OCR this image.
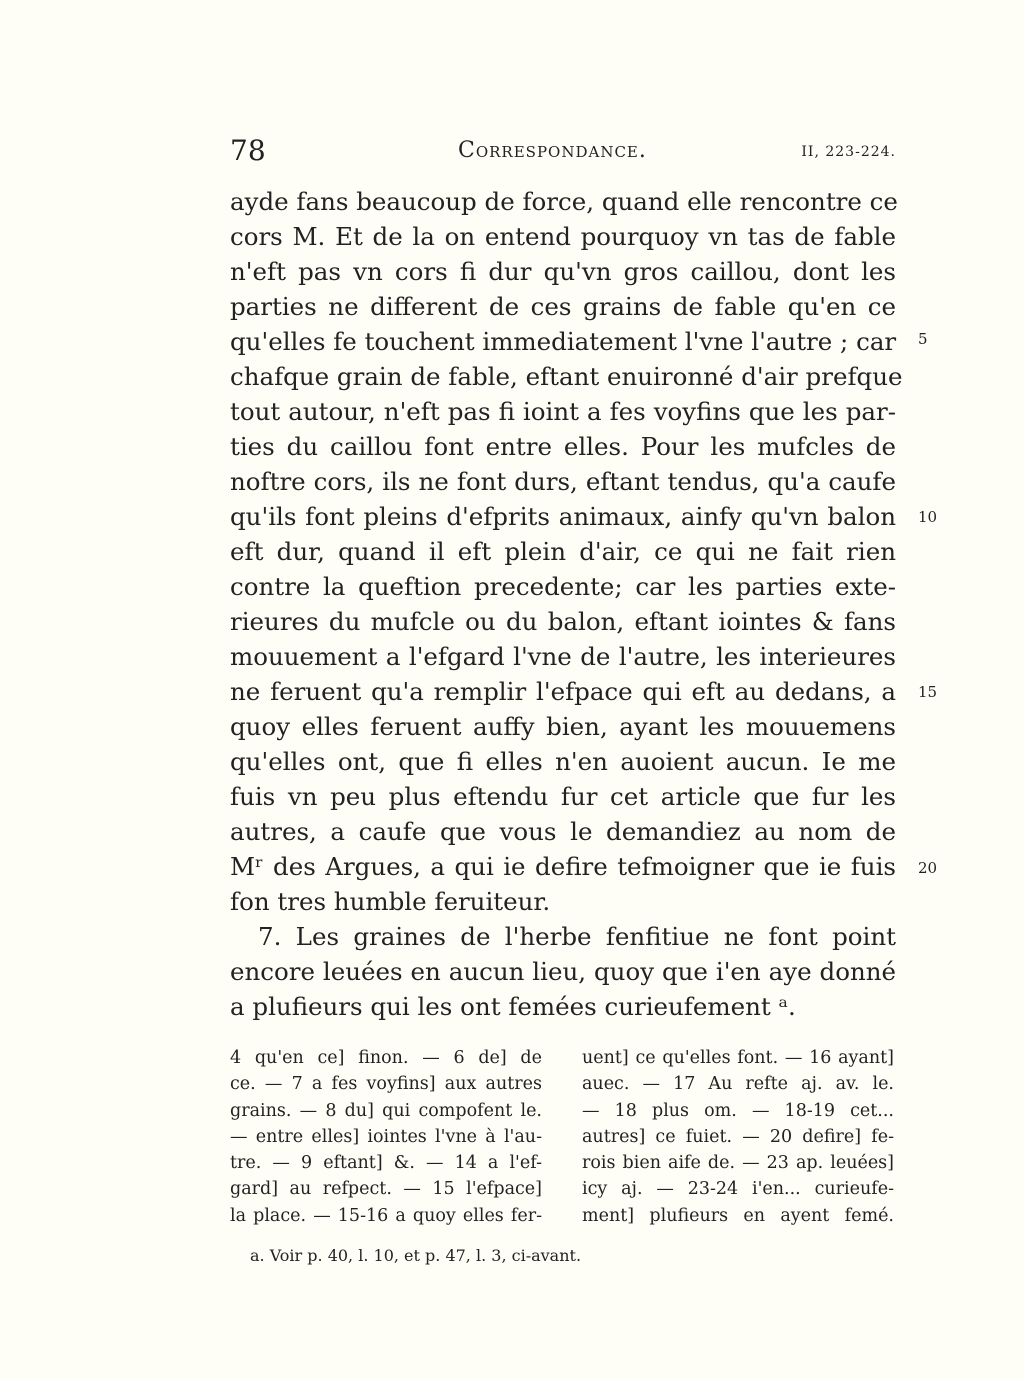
78	Correspondance.	II, 223-224.
ayde fans beaucoup de force, quand elle rencontre ce
cors M. Et de la on entend pourquoy vn tas de fable
n'eft pas vn cors fi dur qu'vn gros caillou, dont les
parties ne different de ces grains de fable qu'en ce
qu'elles fe touchent immediatement l'vne l'autre ; car
chafque grain de fable, eftant enuironné d'air prefque
tout autour, n'eft pas fi ioint a fes voyfins que les par-
ties du caillou font entre elles. Pour les mufcles de
noftre cors, ils ne font durs, eftant tendus, qu'a caufe
qu'ils font pleins d'efprits animaux, ainfy qu'vn balon
eft dur, quand il eft plein d'air, ce qui ne fait rien
contre la queftion precedente; car les parties exte-
rieures du mufcle ou du balon, eftant iointes & fans
mouuement a l'efgard l'vne de l'autre, les interieures
ne feruent qu'a remplir l'efpace qui eft au dedans, a
quoy elles feruent auffy bien, ayant les mouuemens
qu'elles ont, que fi elles n'en auoient aucun. Ie me
fuis vn peu plus eftendu fur cet article que fur les
autres, a caufe que vous le demandiez au nom de
Mʳ des Argues, a qui ie defire tefmoigner que ie fuis
fon tres humble feruiteur.
7. Les graines de l'herbe fenfitiue ne font point
encore leuées en aucun lieu, quoy que i'en aye donné
a plufieurs qui les ont femées curieufement ᵃ.
5
10
15
20
4 qu'en ce] finon. — 6 de] de
ce. — 7 a fes voyfins] aux autres
grains. — 8 du] qui compofent le.
— entre elles] iointes l'vne à l'au-
tre. — 9 eftant] &. — 14 a l'ef-
gard] au refpect. — 15 l'efpace]
la place. — 15-16 a quoy elles fer-
uent] ce qu'elles font. — 16 ayant]
auec. — 17 Au refte aj. av. le.
— 18 plus om. — 18-19 cet...
autres] ce fuiet. — 20 defire] fe-
rois bien aife de. — 23 ap. leuées]
icy aj. — 23-24 i'en... curieufe-
ment] plufieurs en ayent femé.
a. Voir p. 40, l. 10, et p. 47, l. 3, ci-avant.
